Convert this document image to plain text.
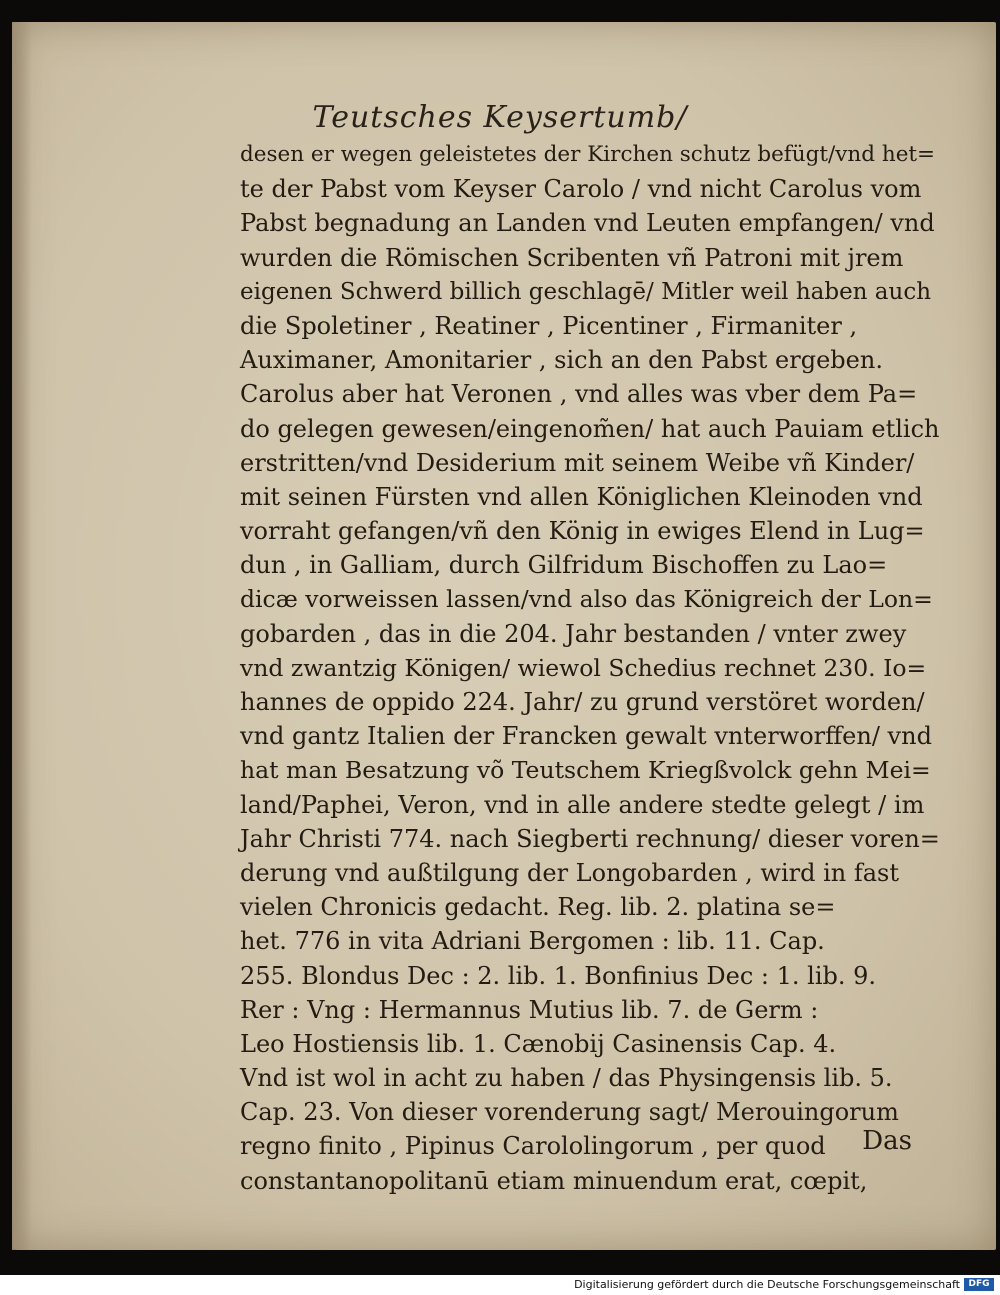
Teutsches Keysertumb/
desen er wegen geleistetes der Kirchen schutz befügt/vnd het=
te der Pabst vom Keyser Carolo / vnd nicht Carolus vom
Pabst begnadung an Landen vnd Leuten empfangen/ vnd
wurden die Römischen Scribenten vñ Patroni mit jrem
eigenen Schwerd billich geschlagē/ Mitler weil haben auch
die Spoletiner , Reatiner , Picentiner , Firmaniter ,
Auximaner, Amonitarier , sich an den Pabst ergeben.
Carolus aber hat Veronen , vnd alles was vber dem Pa=
do gelegen gewesen/eingenom̃en/ hat auch Pauiam etlich
erstritten/vnd Desiderium mit seinem Weibe vñ Kinder/
mit seinen Fürsten vnd allen Königlichen Kleinoden vnd
vorraht gefangen/vñ den König in ewiges Elend in Lug=
dun , in Galliam, durch Gilfridum Bischoffen zu Lao=
dicæ vorweissen lassen/vnd also das Königreich der Lon=
gobarden , das in die 204. Jahr bestanden / vnter zwey
vnd zwantzig Königen/ wiewol Schedius rechnet 230. Io=
hannes de oppido 224. Jahr/ zu grund verstöret worden/
vnd gantz Italien der Francken gewalt vnterworffen/ vnd
hat man Besatzung võ Teutschem Kriegßvolck gehn Mei=
land/Paphei, Veron, vnd in alle andere stedte gelegt / im
Jahr Christi 774. nach Siegberti rechnung/ dieser voren=
derung vnd außtilgung der Longobarden , wird in fast
vielen Chronicis gedacht. Reg. lib. 2. platina se=
het. 776 in vita Adriani Bergomen : lib. 11. Cap.
255. Blondus Dec : 2. lib. 1. Bonfinius Dec : 1. lib. 9.
Rer : Vng : Hermannus Mutius lib. 7. de Germ :
Leo Hostiensis lib. 1. Cænobij Casinensis Cap. 4.
Vnd ist wol in acht zu haben / das Physingensis lib. 5.
Cap. 23. Von dieser vorenderung sagt/ Merouingorum
regno finito , Pipinus Carololingorum , per quod
constantanopolitanū etiam minuendum erat, cœpit,
Das
Digitalisierung gefördert durch die Deutsche Forschungsgemeinschaft DFG
